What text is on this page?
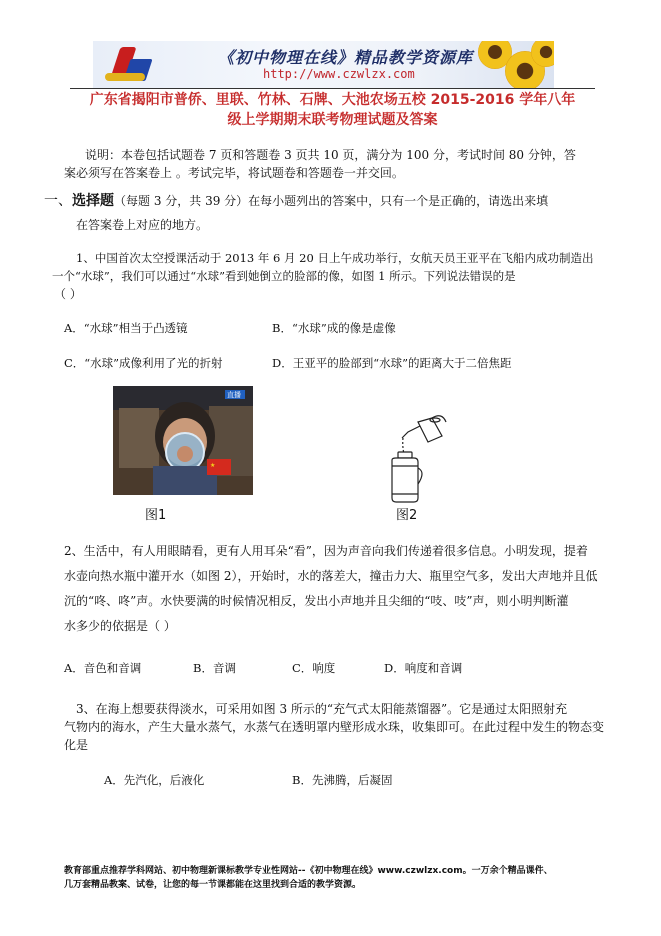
《初中物理在线》精品教学资源库
http://www.czwlzx.com
广东省揭阳市普侨、里联、竹林、石牌、大池农场五校 2015-2016 学年八年
级上学期期末联考物理试题及答案
说明：本卷包括试题卷 7 页和答题卷 3 页共 10 页，满分为 100 分，考试时间 80 分钟，答
案必须写在答案卷上 。考试完毕，将试题卷和答题卷一并交回。
一、选择题（每题 3 分，共 39 分）在每小题列出的答案中，只有一个是正确的，请选出来填
在答案卷上对应的地方。
1、中国首次太空授课活动于 2013 年 6 月 20 日上午成功举行，女航天员王亚平在飞船内成功制造出
一个“水球”，我们可以通过“水球”看到她倒立的脸部的像，如图 1 所示。下列说法错误的是
（ ）
A．“水球”相当于凸透镜	B．“水球”成的像是虚像
C．“水球”成像利用了光的折射	D．王亚平的脸部到“水球”的距离大于二倍焦距
★
直播
图1	图2
2、生活中，有人用眼睛看，更有人用耳朵“看”，因为声音向我们传递着很多信息。小明发现，提着
水壶向热水瓶中灌开水（如图 2），开始时，水的落差大，撞击力大、瓶里空气多，发出大声地并且低
沉的“咚、咚”声。水快要满的时候情况相反，发出小声地并且尖细的“吱、吱”声，则小明判断灌
水多少的依据是（ ）
A．音色和音调	B．音调	C．响度	D．响度和音调
3、在海上想要获得淡水，可采用如图 3 所示的“充气式太阳能蒸馏器”。它是通过太阳照射充
气物内的海水，产生大量水蒸气，水蒸气在透明罩内壁形成水珠，收集即可。在此过程中发生的物态变
化是
A．先汽化，后液化	B．先沸腾，后凝固
教育部重点推荐学科网站、初中物理新课标教学专业性网站--《初中物理在线》www.czwlzx.com。一万余个精品课件、
几万套精品教案、试卷，让您的每一节课都能在这里找到合适的教学资源。
